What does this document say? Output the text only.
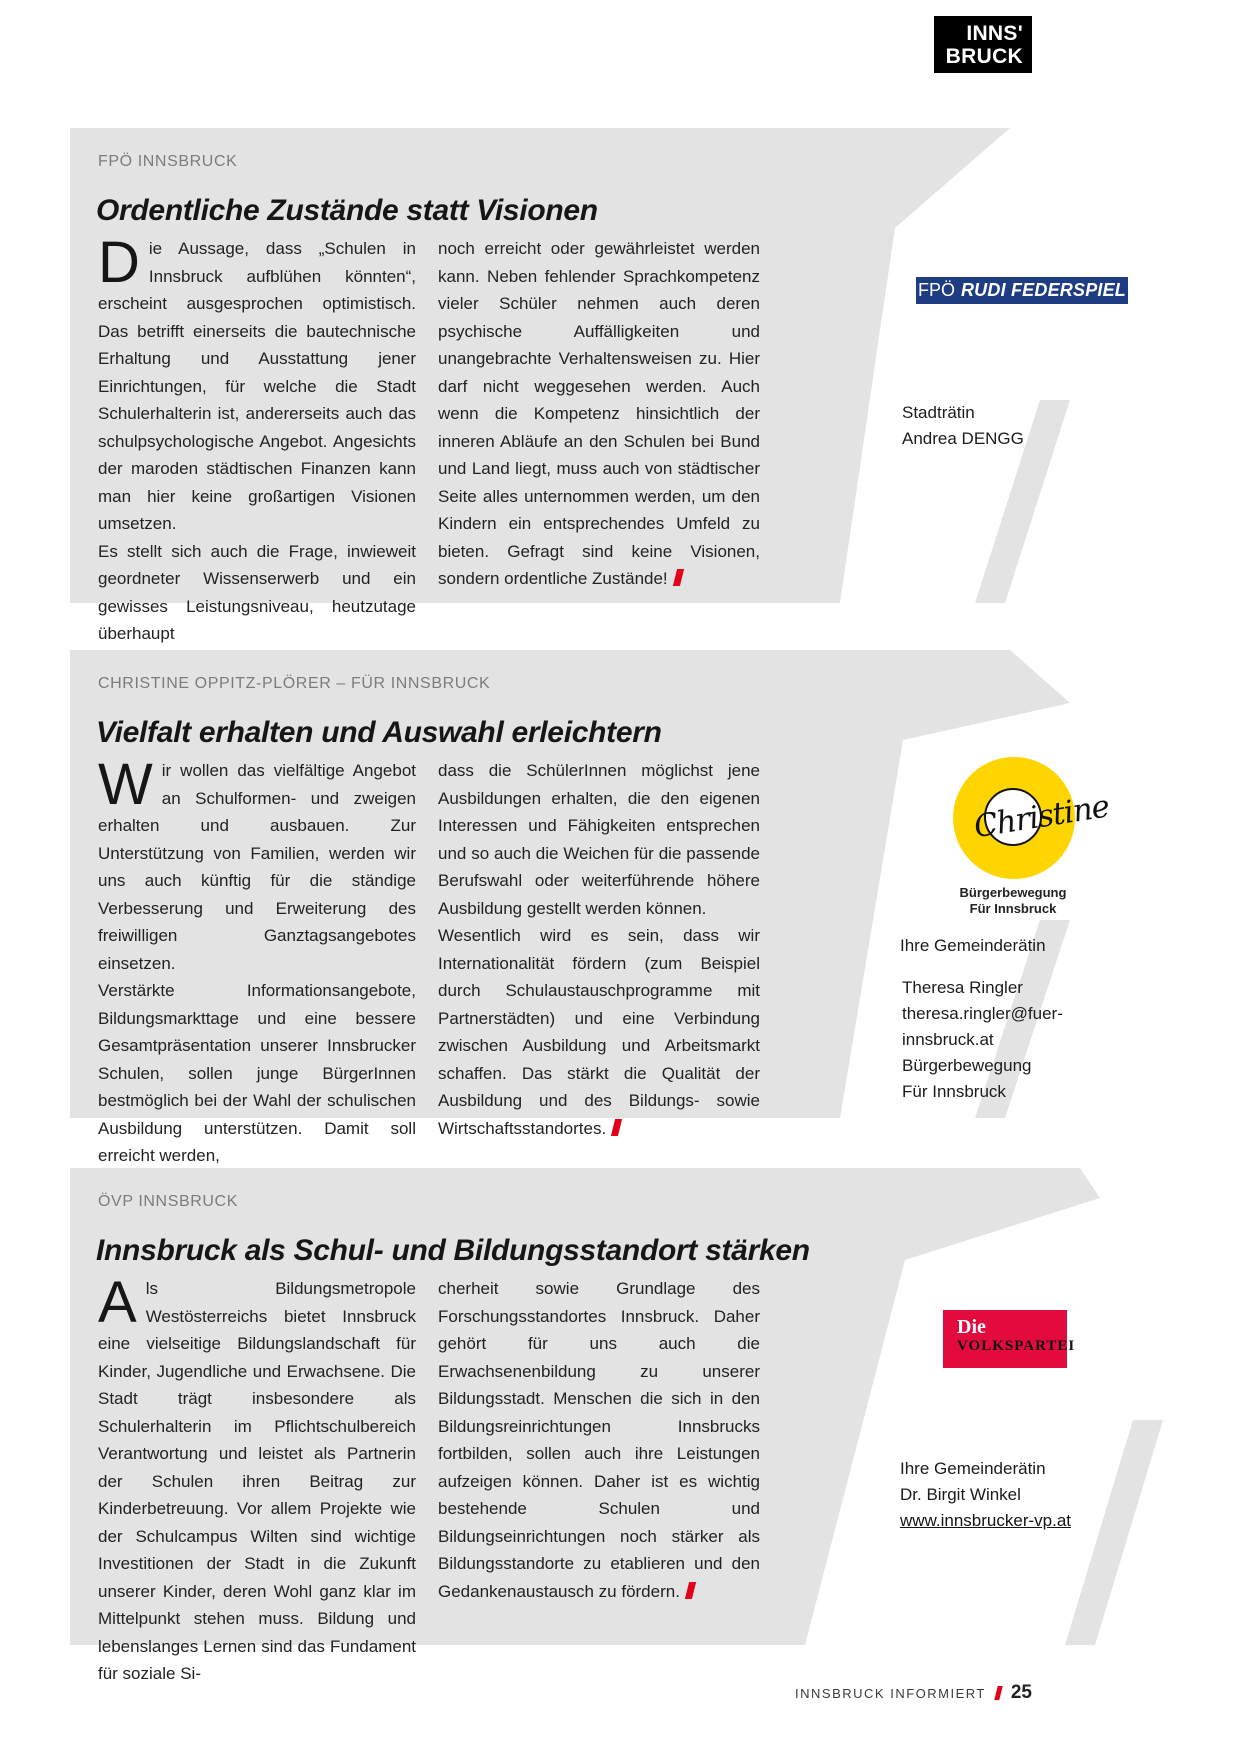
INNS'
BRUCK
FPÖ INNSBRUCK
Ordentliche Zustände statt Visionen

Die Aussage, dass „Schulen in Innsbruck aufblühen könnten“, erscheint ausgesprochen optimistisch. Das betrifft einerseits die bautechnische Erhaltung und Ausstattung jener Einrichtungen, für welche die Stadt Schulerhalterin ist, andererseits auch das schulpsychologische Angebot. Angesichts der maroden städtischen Finanzen kann man hier keine großartigen Visionen umsetzen.

Es stellt sich auch die Frage, inwieweit geordneter Wissenserwerb und ein gewisses Leistungsniveau, heutzutage überhaupt

noch erreicht oder gewährleistet werden kann. Neben fehlender Sprachkompetenz vieler Schüler nehmen auch deren psychische Auffälligkeiten und unangebrachte Verhaltensweisen zu. Hier darf nicht weggesehen werden. Auch wenn die Kompetenz hinsichtlich der inneren Abläufe an den Schulen bei Bund und Land liegt, muss auch von städtischer Seite alles unternommen werden, um den Kindern ein entsprechendes Umfeld zu bieten. Gefragt sind keine Visionen, sondern ordentliche Zustände!

FPÖ RUDI FEDERSPIEL
Stadträtin
Andrea DENGG
CHRISTINE OPPITZ-PLÖRER – FÜR INNSBRUCK
Vielfalt erhalten und Auswahl erleichtern

Wir wollen das vielfältige Angebot an Schulformen- und zweigen erhalten und ausbauen. Zur Unterstützung von Familien, werden wir uns auch künftig für die ständige Verbesserung und Erweiterung des freiwilligen Ganztagsangebotes einsetzen.

Verstärkte Informationsangebote, Bildungsmarkttage und eine bessere Gesamtpräsentation unserer Innsbrucker Schulen, sollen junge BürgerInnen bestmöglich bei der Wahl der schulischen Ausbildung unterstützen. Damit soll erreicht werden,

dass die SchülerInnen möglichst jene Ausbildungen erhalten, die den eigenen Interessen und Fähigkeiten entsprechen und so auch die Weichen für die passende Berufswahl oder weiterführende höhere Ausbildung gestellt werden können.

Wesentlich wird es sein, dass wir Internationalität fördern (zum Beispiel durch Schulaustauschprogramme mit Partnerstädten) und eine Verbindung zwischen Ausbildung und Arbeitsmarkt schaffen. Das stärkt die Qualität der Ausbildung und des Bildungs- sowie Wirtschaftsstandortes.

Christine
Bürgerbewegung
Für Innsbruck
Ihre Gemeinderätin
Theresa Ringler
theresa.ringler@fuer-innsbruck.at
Bürgerbewegung
Für Innsbruck
ÖVP INNSBRUCK
Innsbruck als Schul- und Bildungsstandort stärken

Als Bildungsmetropole Westösterreichs bietet Innsbruck eine vielseitige Bildungslandschaft für Kinder, Jugendliche und Erwachsene. Die Stadt trägt insbesondere als Schulerhalterin im Pflichtschulbereich Verantwortung und leistet als Partnerin der Schulen ihren Beitrag zur Kinderbetreuung. Vor allem Projekte wie der Schulcampus Wilten sind wichtige Investitionen der Stadt in die Zukunft unserer Kinder, deren Wohl ganz klar im Mittelpunkt stehen muss. Bildung und lebenslanges Lernen sind das Fundament für soziale Si-

cherheit sowie Grundlage des Forschungsstandortes Innsbruck. Daher gehört für uns auch die Erwachsenenbildung zu unserer Bildungsstadt. Menschen die sich in den Bildungsreinrichtungen Innsbrucks fortbilden, sollen auch ihre Leistungen aufzeigen können. Daher ist es wichtig bestehende Schulen und Bildungseinrichtungen noch stärker als Bildungsstandorte zu etablieren und den Gedankenaustausch zu fördern.

Die
VOLKSPARTEI
Ihre Gemeinderätin
Dr. Birgit Winkel
www.innsbrucker-vp.at
INNSBRUCK INFORMIERT 25
